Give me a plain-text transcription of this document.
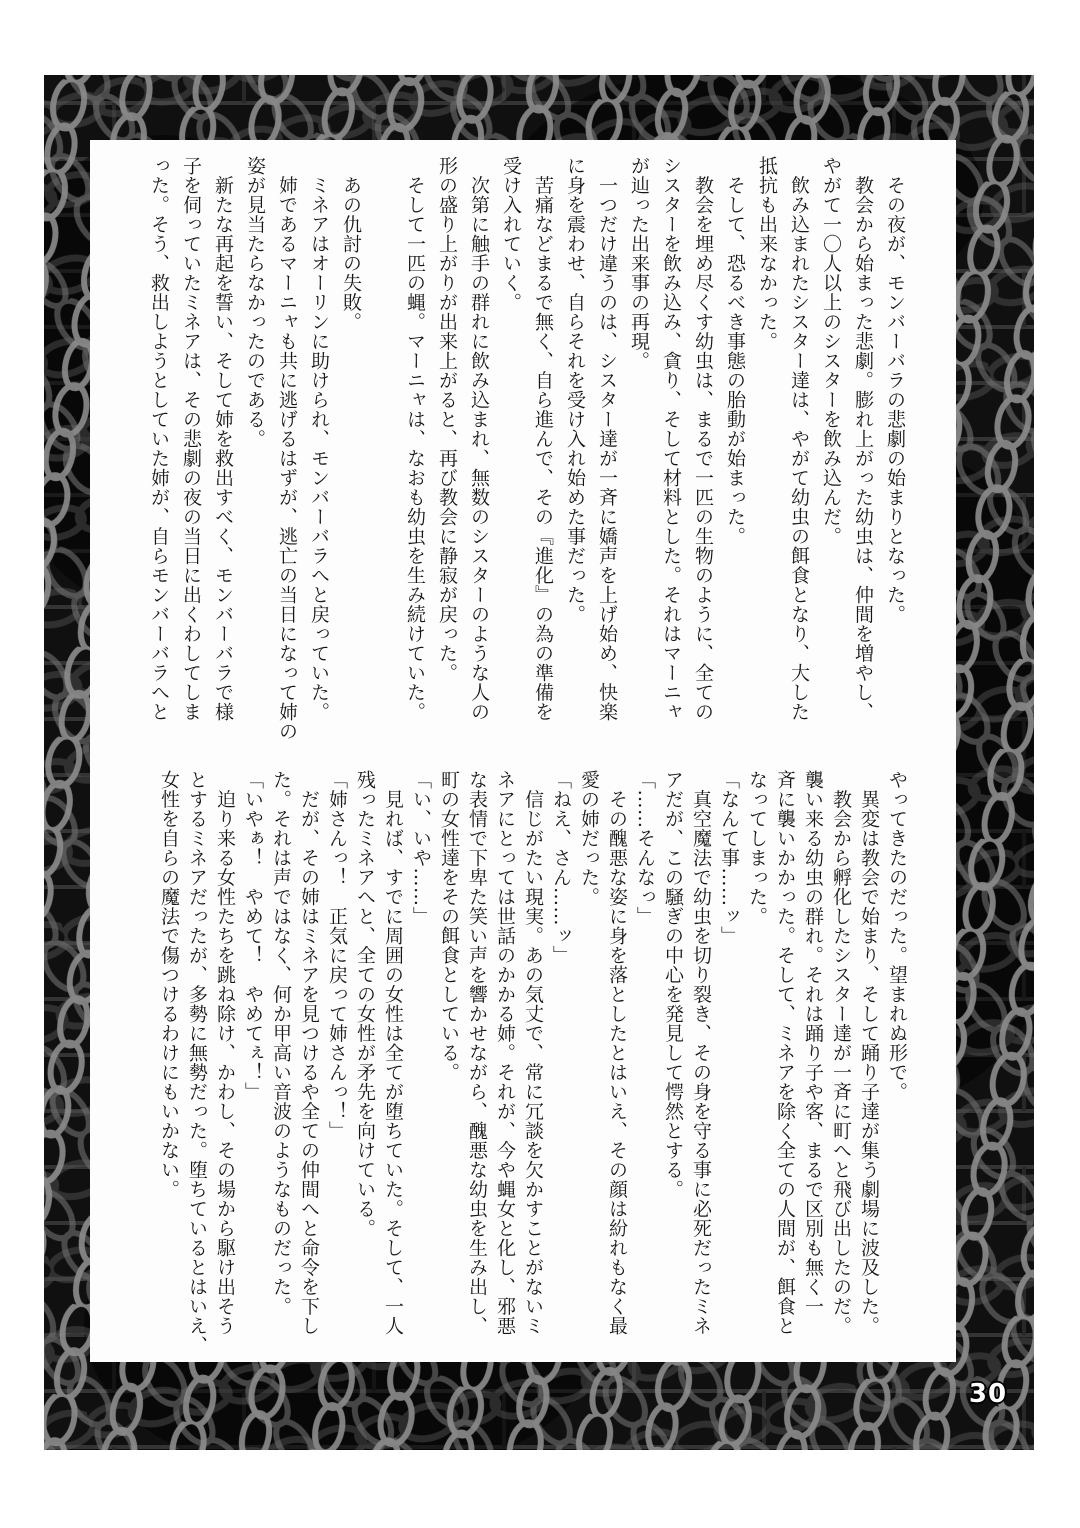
　その夜が、モンバーバラの悲劇の始まりとなった。

　教会から始まった悲劇。膨れ上がった幼虫は、仲間を増やし、

やがて一〇人以上のシスターを飲み込んだ。

　飲み込まれたシスター達は、やがて幼虫の餌食となり、大した

抵抗も出来なかった。

　そして、恐るべき事態の胎動が始まった。

　教会を埋め尽くす幼虫は、まるで一匹の生物のように、全ての

シスターを飲み込み、貪り、そして材料とした。それはマーニャ

が辿った出来事の再現。

　一つだけ違うのは、シスター達が一斉に嬌声を上げ始め、快楽

に身を震わせ、自らそれを受け入れ始めた事だった。

　苦痛などまるで無く、自ら進んで、その『進化』の為の準備を

受け入れていく。

　次第に触手の群れに飲み込まれ、無数のシスターのような人の

形の盛り上がりが出来上がると、再び教会に静寂が戻った。

　そして一匹の蝿。マーニャは、なおも幼虫を生み続けていた。

　あの仇討の失敗。

　ミネアはオーリンに助けられ、モンバーバラへと戻っていた。

　姉であるマーニャも共に逃げるはずが、逃亡の当日になって姉の

姿が見当たらなかったのである。

　新たな再起を誓い、そして姉を救出すべく、モンバーバラで様

子を伺っていたミネアは、その悲劇の夜の当日に出くわしてしま

った。そう、救出しようとしていた姉が、自らモンバーバラへと

やってきたのだった。望まれぬ形で。

　異変は教会で始まり、そして踊り子達が集う劇場に波及した。

　教会から孵化したシスター達が一斉に町へと飛び出したのだ。

襲い来る幼虫の群れ。それは踊り子や客、まるで区別も無く一

斉に襲いかかった。そして、ミネアを除く全ての人間が、餌食と

なってしまった。

「なんて事……ッ」

　真空魔法で幼虫を切り裂き、その身を守る事に必死だったミネ

アだが、この騒ぎの中心を発見して愕然とする。

「……そんなっ」

　その醜悪な姿に身を落としたとはいえ、その顔は紛れもなく最

愛の姉だった。

「ねえ、さん……ッ」

　信じがたい現実。あの気丈で、常に冗談を欠かすことがないミ

ネアにとっては世話のかかる姉。それが、今や蝿女と化し、邪悪

な表情で下卑た笑い声を響かせながら、醜悪な幼虫を生み出し、

町の女性達をその餌食としている。

「い、いや……」

　見れば、すでに周囲の女性は全てが堕ちていた。そして、一人

残ったミネアへと、全ての女性が矛先を向けている。

「姉さんっ！　正気に戻って姉さんっ！」

　だが、その姉はミネアを見つけるや全ての仲間へと命令を下し

た。それは声ではなく、何か甲高い音波のようなものだった。

「いやぁ！　やめて！　やめてぇ！」

　迫り来る女性たちを跳ね除け、かわし、その場から駆け出そう

とするミネアだったが、多勢に無勢だった。堕ちているとはいえ、

女性を自らの魔法で傷つけるわけにもいかない。

30
